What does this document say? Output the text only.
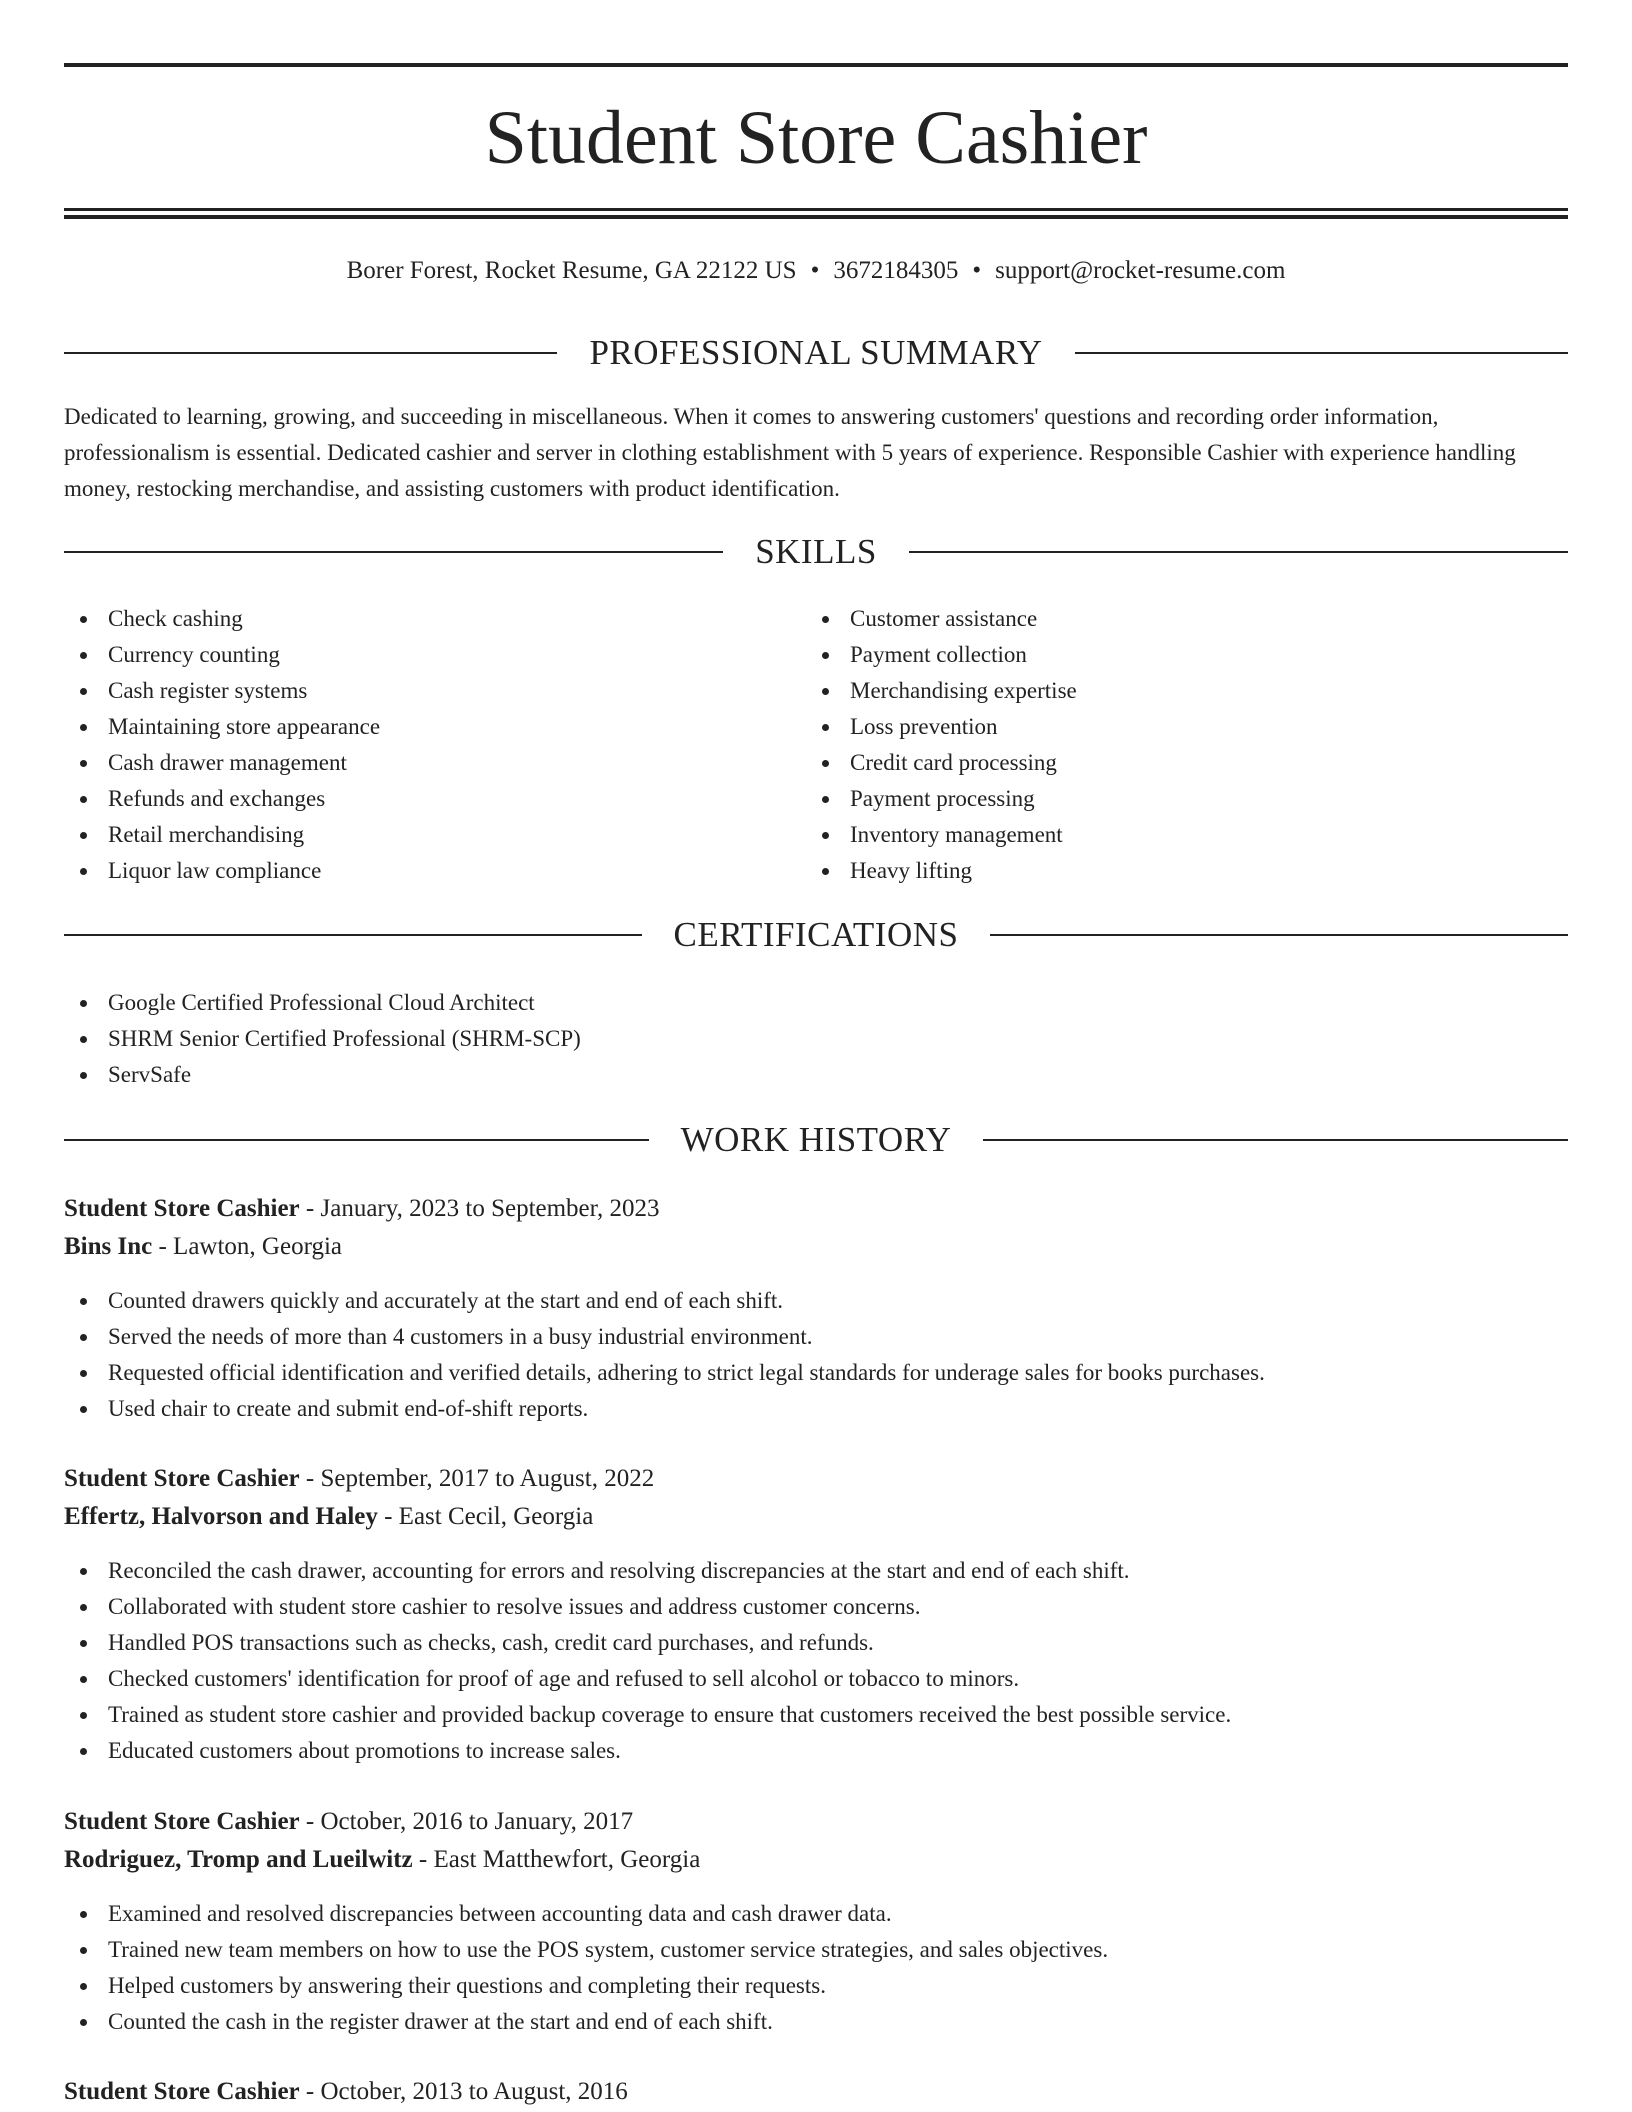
Student Store Cashier
Borer Forest, Rocket Resume, GA 22122 US • 3672184305 • support@rocket-resume.com
PROFESSIONAL SUMMARY

Dedicated to learning, growing, and succeeding in miscellaneous. When it comes to answering customers' questions and recording order information, professionalism is essential. Dedicated cashier and server in clothing establishment with 5 years of experience. Responsible Cashier with experience handling money, restocking merchandise, and assisting customers with product identification.

SKILLS
Check cashing
Currency counting
Cash register systems
Maintaining store appearance
Cash drawer management
Refunds and exchanges
Retail merchandising
Liquor law compliance
Customer assistance
Payment collection
Merchandising expertise
Loss prevention
Credit card processing
Payment processing
Inventory management
Heavy lifting
CERTIFICATIONS
Google Certified Professional Cloud Architect
SHRM Senior Certified Professional (SHRM-SCP)
ServSafe
WORK HISTORY
Student Store Cashier - January, 2023 to September, 2023
Bins Inc - Lawton, Georgia
Counted drawers quickly and accurately at the start and end of each shift.
Served the needs of more than 4 customers in a busy industrial environment.
Requested official identification and verified details, adhering to strict legal standards for underage sales for books purchases.
Used chair to create and submit end-of-shift reports.
Student Store Cashier - September, 2017 to August, 2022
Effertz, Halvorson and Haley - East Cecil, Georgia
Reconciled the cash drawer, accounting for errors and resolving discrepancies at the start and end of each shift.
Collaborated with student store cashier to resolve issues and address customer concerns.
Handled POS transactions such as checks, cash, credit card purchases, and refunds.
Checked customers' identification for proof of age and refused to sell alcohol or tobacco to minors.
Trained as student store cashier and provided backup coverage to ensure that customers received the best possible service.
Educated customers about promotions to increase sales.
Student Store Cashier - October, 2016 to January, 2017
Rodriguez, Tromp and Lueilwitz - East Matthewfort, Georgia
Examined and resolved discrepancies between accounting data and cash drawer data.
Trained new team members on how to use the POS system, customer service strategies, and sales objectives.
Helped customers by answering their questions and completing their requests.
Counted the cash in the register drawer at the start and end of each shift.
Student Store Cashier - October, 2013 to August, 2016
